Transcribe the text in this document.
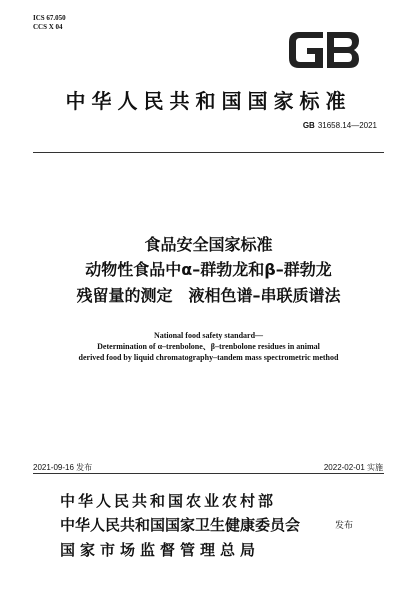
ICS 67.050
CCS X 04
中华人民共和国国家标准
GB 31658.14—2021
食品安全国家标准
动物性食品中α–群勃龙和β–群勃龙
残留量的测定　液相色谱–串联质谱法
National food safety standard—
Determination of α–trenbolone、β–trenbolone residues in animal
derived food by liquid chromatography–tandem mass spectrometric method
2021-09-16 发布	2022-02-01 实施
中华人民共和国农业农村部
中华人民共和国国家卫生健康委员会
国家市场监督管理总局
发布
